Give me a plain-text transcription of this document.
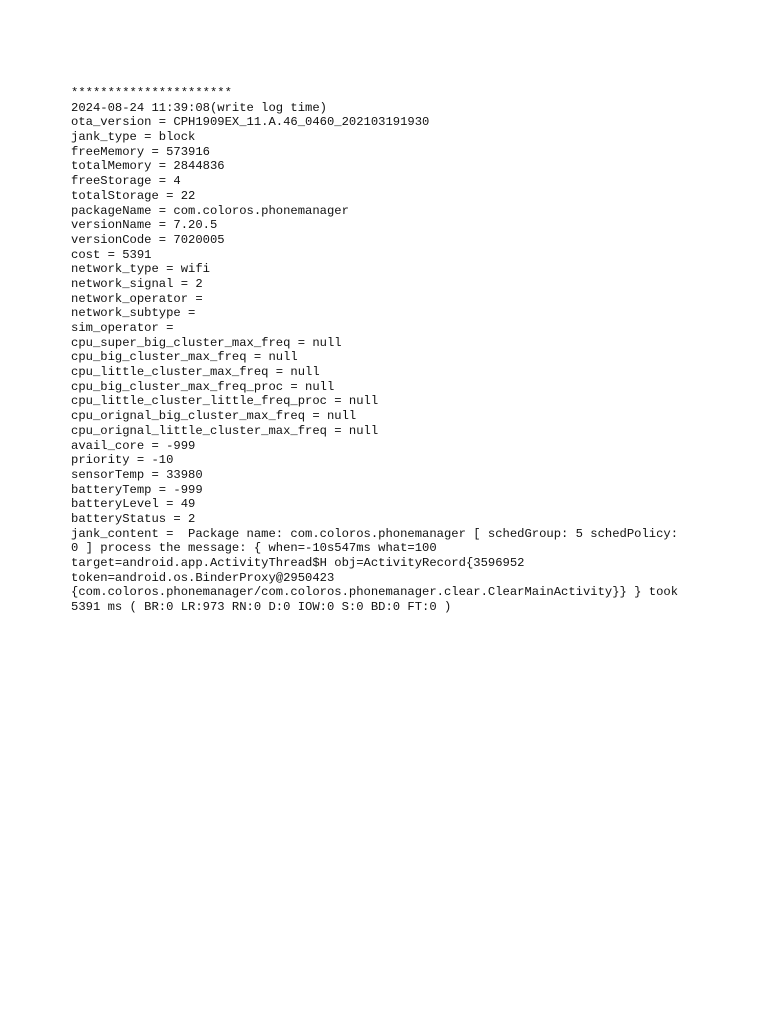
**********************
2024-08-24 11:39:08(write log time)
ota_version = CPH1909EX_11.A.46_0460_202103191930
jank_type = block
freeMemory = 573916
totalMemory = 2844836
freeStorage = 4
totalStorage = 22
packageName = com.coloros.phonemanager
versionName = 7.20.5
versionCode = 7020005
cost = 5391
network_type = wifi
network_signal = 2
network_operator =
network_subtype =
sim_operator =
cpu_super_big_cluster_max_freq = null
cpu_big_cluster_max_freq = null
cpu_little_cluster_max_freq = null
cpu_big_cluster_max_freq_proc = null
cpu_little_cluster_little_freq_proc = null
cpu_orignal_big_cluster_max_freq = null
cpu_orignal_little_cluster_max_freq = null
avail_core = -999
priority = -10
sensorTemp = 33980
batteryTemp = -999
batteryLevel = 49
batteryStatus = 2
jank_content =  Package name: com.coloros.phonemanager [ schedGroup: 5 schedPolicy:
0 ] process the message: { when=-10s547ms what=100
target=android.app.ActivityThread$H obj=ActivityRecord{3596952
token=android.os.BinderProxy@2950423
{com.coloros.phonemanager/com.coloros.phonemanager.clear.ClearMainActivity}} } took
5391 ms ( BR:0 LR:973 RN:0 D:0 IOW:0 S:0 BD:0 FT:0 )
